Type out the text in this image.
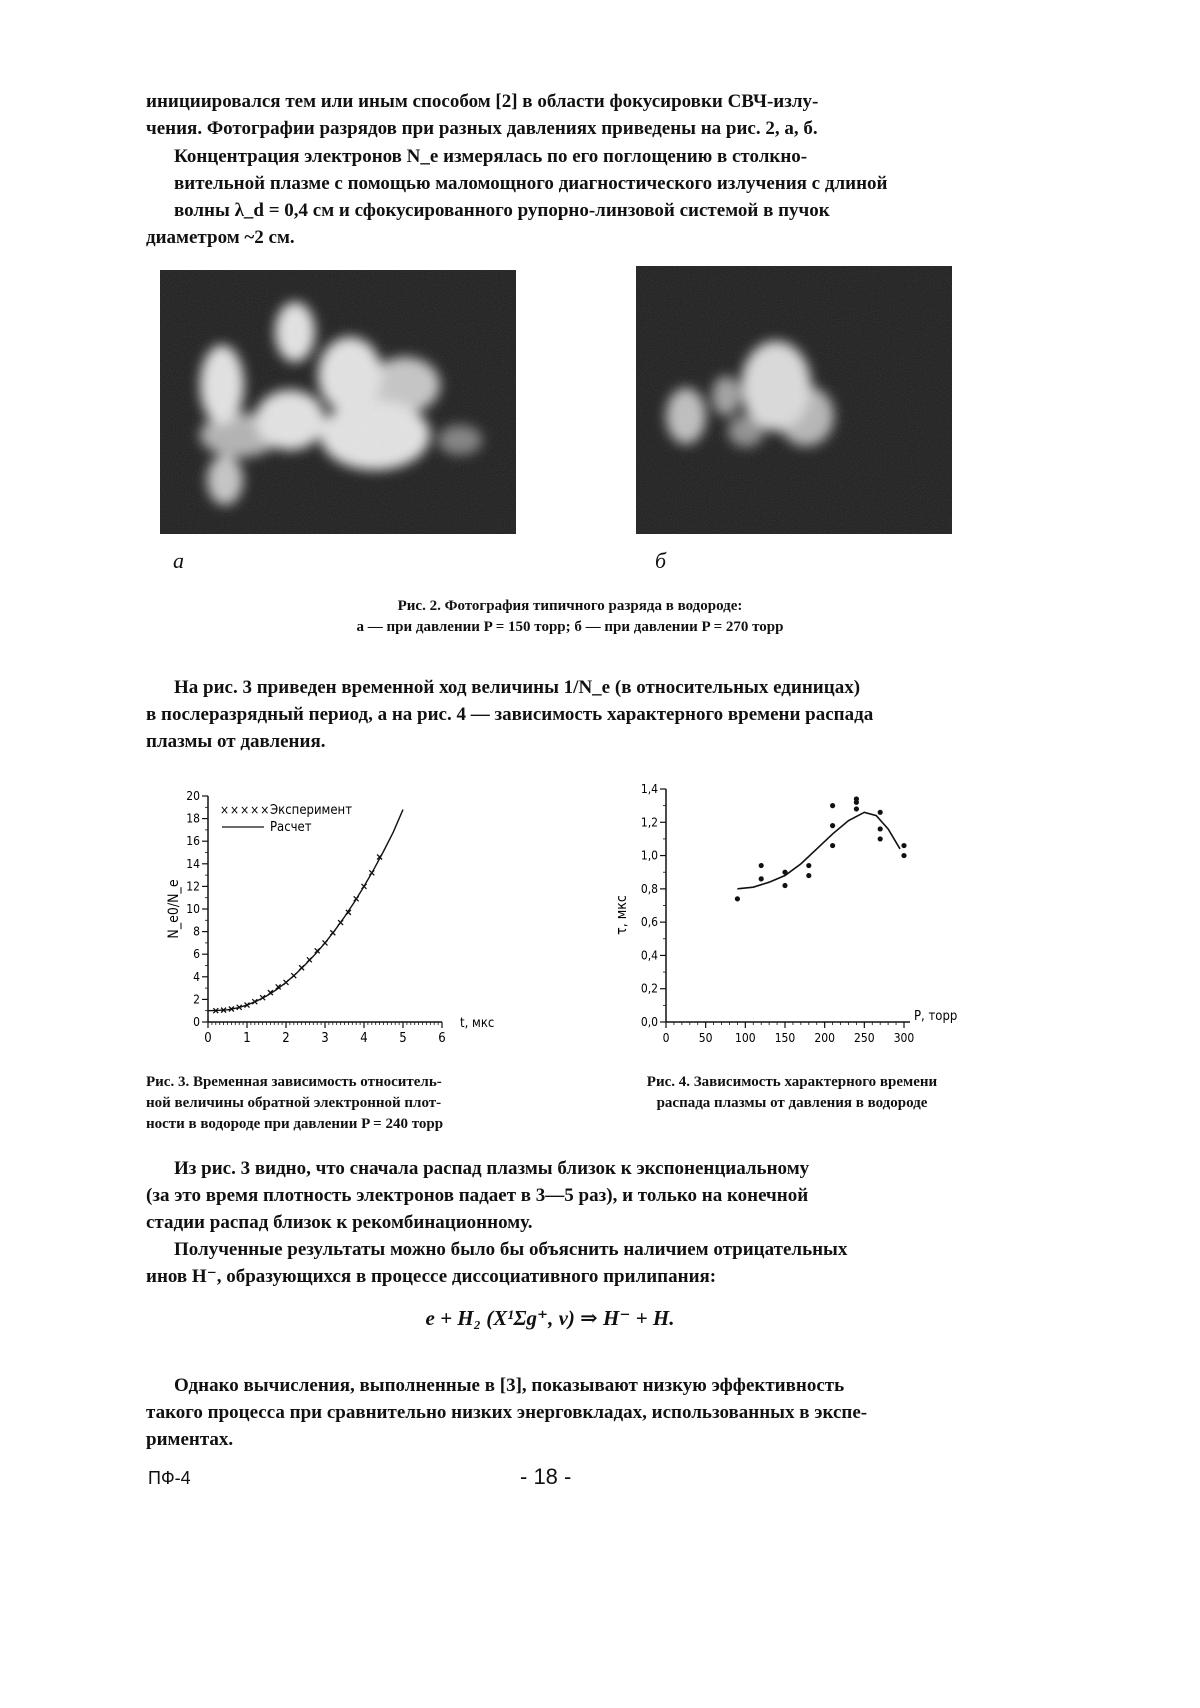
инициировался тем или иным способом [2] в области фокусировки СВЧ-излу-
чения. Фотографии разрядов при разных давлениях приведены на рис. 2, а, б.
Концентрация электронов N_e измерялась по его поглощению в столкно-
вительной плазме с помощью маломощного диагностического излучения с длиной
волны λ_d = 0,4 см и сфокусированного рупорно-линзовой системой в пучок
диаметром ~2 см.
а	б
Рис. 2. Фотография типичного разряда в водороде:
а — при давлении P = 150 торр; б — при давлении P = 270 торр
На рис. 3 приведен временной ход величины 1/N_e (в относительных единицах)
в послеразрядный период, а на рис. 4 — зависимость характерного времени распада
плазмы от давления.
0 1 2 3 4 5 6
0
2
4
6
8
10
12
14
16
18
20
t, мкс
N_e0/N_e
××××× Эксперимент
Расчет
0 50 100 150 200 250 300
0,0
0,2
0,4
0,6
0,8
1,0
1,2
1,4
P, торр
τ, мкс
Рис. 3. Временная зависимость относитель-
ной величины обратной электронной плот-
ности в водороде при давлении P = 240 торр
Рис. 4. Зависимость характерного времени
распада плазмы от давления в водороде
Из рис. 3 видно, что сначала распад плазмы близок к экспоненциальному
(за это время плотность электронов падает в 3—5 раз), и только на конечной
стадии распад близок к рекомбинационному.
Полученные результаты можно было бы объяснить наличием отрицательных
инов H⁻, образующихся в процессе диссоциативного прилипания:
e + H₂ (X¹Σg⁺, v) ⇒ H⁻ + H.
Однако вычисления, выполненные в [3], показывают низкую эффективность
такого процесса при сравнительно низких энерговкладах, использованных в экспе-
риментах.
ПФ-4	- 18 -
